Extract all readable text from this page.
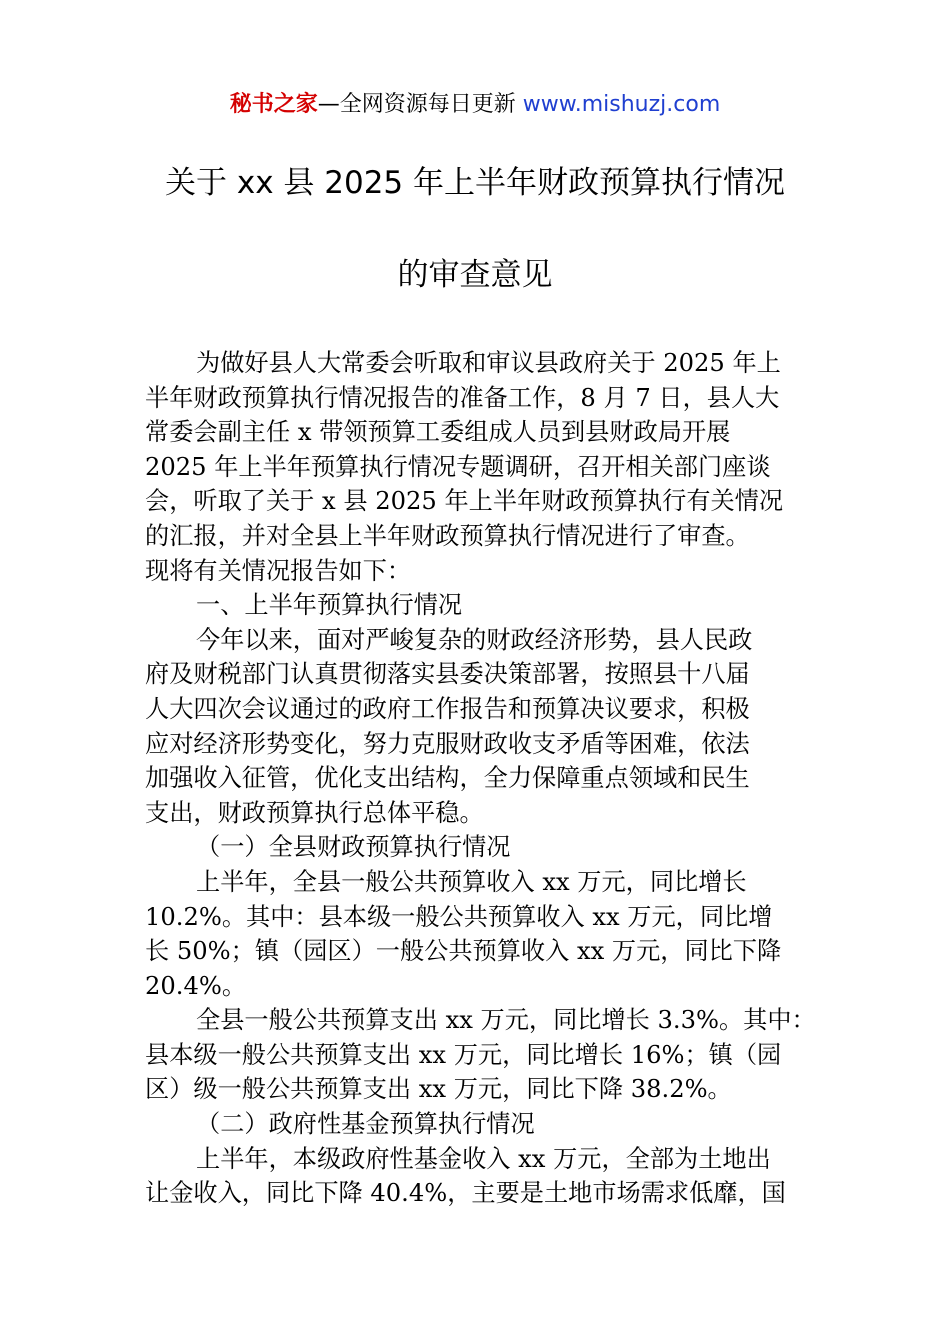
秘书之家—全网资源每日更新 www.mishuzj.com
关于 xx 县 2025 年上半年财政预算执行情况
的审查意见
为做好县人大常委会听取和审议县政府关于 2025 年上
半年财政预算执行情况报告的准备工作，8 月 7 日，县人大
常委会副主任 x 带领预算工委组成人员到县财政局开展
2025 年上半年预算执行情况专题调研，召开相关部门座谈
会，听取了关于 x 县 2025 年上半年财政预算执行有关情况
的汇报，并对全县上半年财政预算执行情况进行了审查。
现将有关情况报告如下：
一、上半年预算执行情况
今年以来，面对严峻复杂的财政经济形势，县人民政
府及财税部门认真贯彻落实县委决策部署，按照县十八届
人大四次会议通过的政府工作报告和预算决议要求，积极
应对经济形势变化，努力克服财政收支矛盾等困难，依法
加强收入征管，优化支出结构，全力保障重点领域和民生
支出，财政预算执行总体平稳。
（一）全县财政预算执行情况
上半年，全县一般公共预算收入 xx 万元，同比增长
10.2%。其中：县本级一般公共预算收入 xx 万元，同比增
长 50%；镇（园区）一般公共预算收入 xx 万元，同比下降
20.4%。
全县一般公共预算支出 xx 万元，同比增长 3.3%。其中：
县本级一般公共预算支出 xx 万元，同比增长 16%；镇（园
区）级一般公共预算支出 xx 万元，同比下降 38.2%。
（二）政府性基金预算执行情况
上半年，本级政府性基金收入 xx 万元，全部为土地出
让金收入，同比下降 40.4%，主要是土地市场需求低靡，国
